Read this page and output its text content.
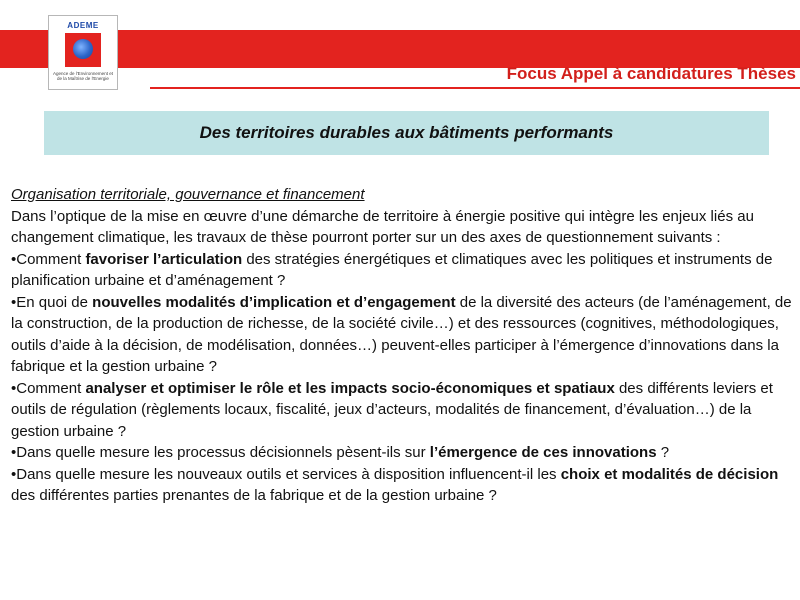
ADEME
Agence de l'Environnement et de la Maîtrise de l'Energie	Focus Appel à candidatures Thèses
Des territoires durables aux bâtiments performants

Organisation territoriale, gouvernance et financement

Dans l’optique de la mise en œuvre d’une démarche de territoire à énergie positive qui intègre les enjeux liés au changement climatique, les travaux de thèse pourront porter sur un des axes de questionnement suivants :

•Comment favoriser l’articulation des stratégies énergétiques et climatiques avec les politiques et instruments de planification urbaine et d’aménagement ?

•En quoi de nouvelles modalités d’implication et d’engagement de la diversité des acteurs (de l’aménagement, de la construction, de la production de richesse, de la société civile…) et des ressources (cognitives, méthodologiques, outils d’aide à la décision, de modélisation, données…) peuvent-elles participer à l’émergence d’innovations dans la fabrique et la gestion urbaine ?

•Comment analyser et optimiser le rôle et les impacts socio-économiques et spatiaux des différents leviers et outils de régulation (règlements locaux, fiscalité, jeux d’acteurs, modalités de financement, d’évaluation…) de la gestion urbaine ?

•Dans quelle mesure les processus décisionnels pèsent-ils sur l’émergence de ces innovations ?

•Dans quelle mesure les nouveaux outils et services à disposition influencent-il les choix et modalités de décision des différentes parties prenantes de la fabrique et de la gestion urbaine ?
